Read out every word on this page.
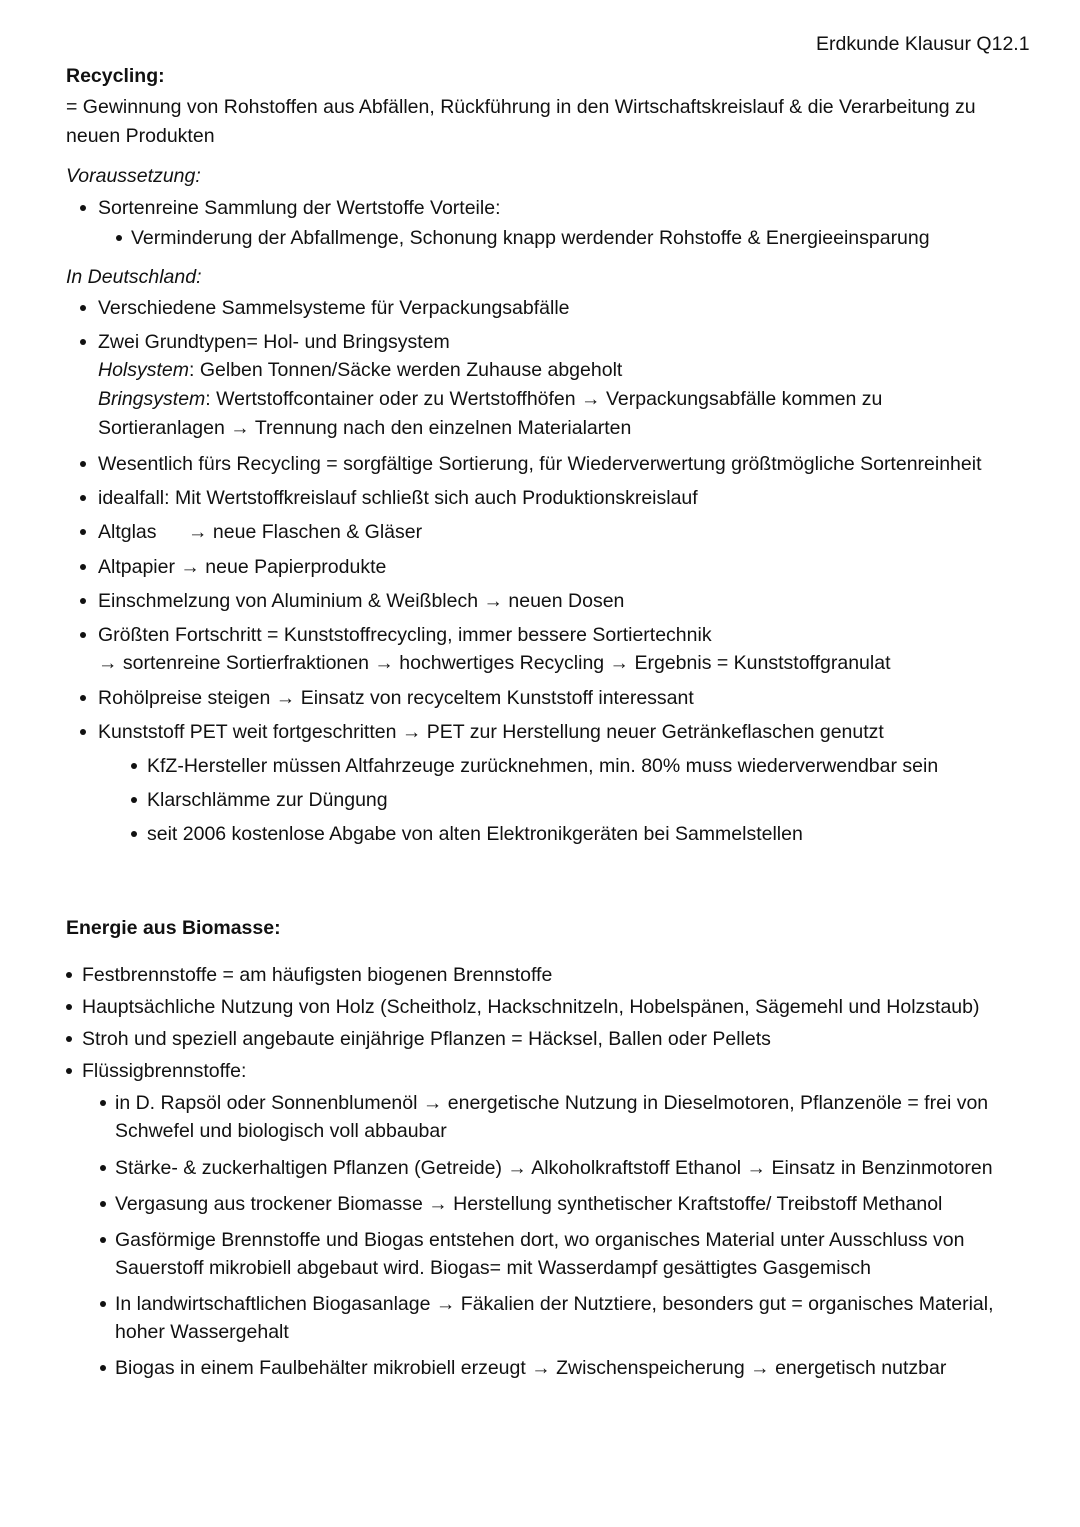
Erdkunde Klausur Q12.1
Recycling:
= Gewinnung von Rohstoffen aus Abfällen, Rückführung in den Wirtschaftskreislauf & die Verarbeitung zu
neuen Produkten
Voraussetzung:
Sortenreine Sammlung der Wertstoffe Vorteile:
Verminderung der Abfallmenge, Schonung knapp werdender Rohstoffe & Energieeinsparung
In Deutschland:
Verschiedene Sammelsysteme für Verpackungsabfälle
Zwei Grundtypen= Hol- und Bringsystem
Holsystem: Gelben Tonnen/Säcke werden Zuhause abgeholt
Bringsystem: Wertstoffcontainer oder zu Wertstoffhöfen → Verpackungsabfälle kommen zu
Sortieranlagen → Trennung nach den einzelnen Materialarten
Wesentlich fürs Recycling = sorgfältige Sortierung, für Wiederverwertung größtmögliche Sortenreinheit
idealfall: Mit Wertstoffkreislauf schließt sich auch Produktionskreislauf
Altglas → neue Flaschen & Gläser
Altpapier → neue Papierprodukte
Einschmelzung von Aluminium & Weißblech → neuen Dosen
Größten Fortschritt = Kunststoffrecycling, immer bessere Sortiertechnik
→ sortenreine Sortierfraktionen → hochwertiges Recycling → Ergebnis = Kunststoffgranulat
Rohölpreise steigen → Einsatz von recyceltem Kunststoff interessant
Kunststoff PET weit fortgeschritten → PET zur Herstellung neuer Getränkeflaschen genutzt
KfZ-Hersteller müssen Altfahrzeuge zurücknehmen, min. 80% muss wiederverwendbar sein
Klarschlämme zur Düngung
seit 2006 kostenlose Abgabe von alten Elektronikgeräten bei Sammelstellen
Energie aus Biomasse:
Festbrennstoffe = am häufigsten biogenen Brennstoffe
Hauptsächliche Nutzung von Holz (Scheitholz, Hackschnitzeln, Hobelspänen, Sägemehl und Holzstaub)
Stroh und speziell angebaute einjährige Pflanzen = Häcksel, Ballen oder Pellets
Flüssigbrennstoffe:
in D. Rapsöl oder Sonnenblumenöl → energetische Nutzung in Dieselmotoren, Pflanzenöle = frei von
Schwefel und biologisch voll abbaubar
Stärke- & zuckerhaltigen Pflanzen (Getreide) → Alkoholkraftstoff Ethanol → Einsatz in Benzinmotoren
Vergasung aus trockener Biomasse → Herstellung synthetischer Kraftstoffe/ Treibstoff Methanol
Gasförmige Brennstoffe und Biogas entstehen dort, wo organisches Material unter Ausschluss von
Sauerstoff mikrobiell abgebaut wird. Biogas= mit Wasserdampf gesättigtes Gasgemisch
In landwirtschaftlichen Biogasanlage → Fäkalien der Nutztiere, besonders gut = organisches Material,
hoher Wassergehalt
Biogas in einem Faulbehälter mikrobiell erzeugt → Zwischenspeicherung → energetisch nutzbar
